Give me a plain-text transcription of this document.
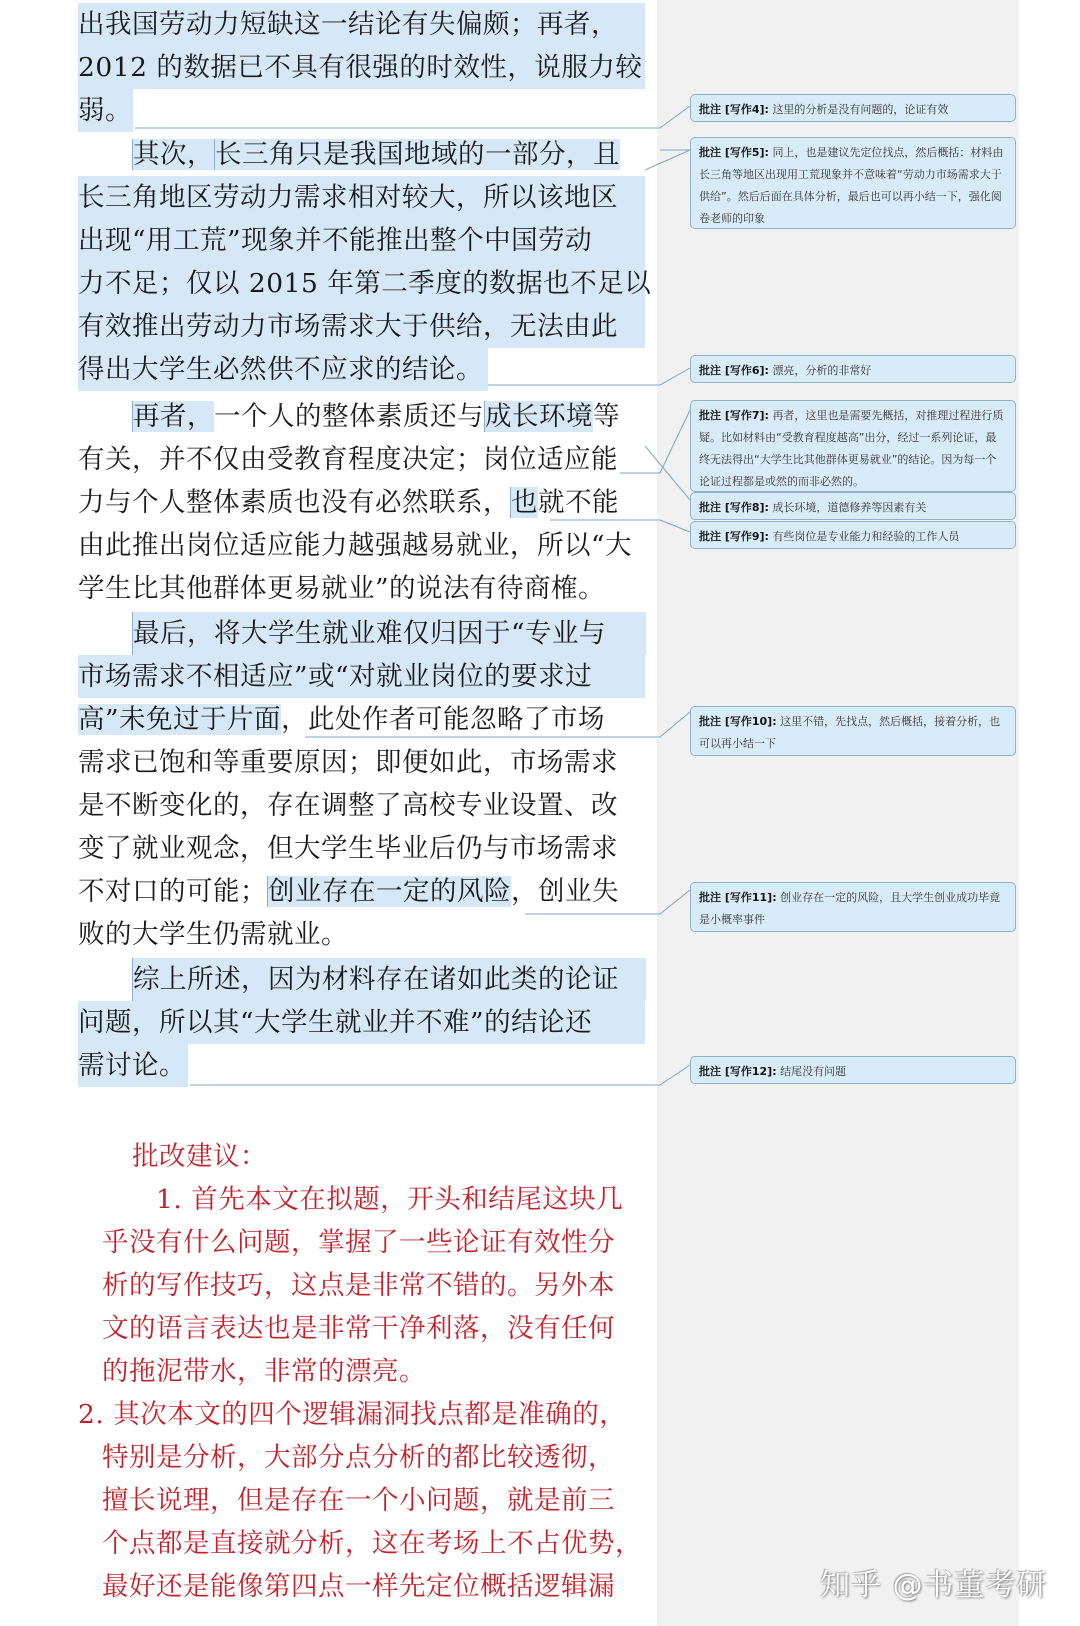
出我国劳动力短缺这一结论有失偏颇；再者，
2012 的数据已不具有很强的时效性，说服力较
弱。
其次，长三角只是我国地域的一部分，且
长三角地区劳动力需求相对较大，所以该地区
出现“用工荒”现象并不能推出整个中国劳动
力不足；仅以 2015 年第二季度的数据也不足以
有效推出劳动力市场需求大于供给，无法由此
得出大学生必然供不应求的结论。
再者，一个人的整体素质还与成长环境等
有关，并不仅由受教育程度决定；岗位适应能
力与个人整体素质也没有必然联系，也就不能
由此推出岗位适应能力越强越易就业，所以“大
学生比其他群体更易就业”的说法有待商榷。
最后，将大学生就业难仅归因于“专业与
市场需求不相适应”或“对就业岗位的要求过
高”未免过于片面，此处作者可能忽略了市场
需求已饱和等重要原因；即便如此，市场需求
是不断变化的，存在调整了高校专业设置、改
变了就业观念，但大学生毕业后仍与市场需求
不对口的可能；创业存在一定的风险，创业失
败的大学生仍需就业。
综上所述，因为材料存在诸如此类的论证
问题，所以其“大学生就业并不难”的结论还
需讨论。
批改建议：
1. 首先本文在拟题，开头和结尾这块几
乎没有什么问题，掌握了一些论证有效性分
析的写作技巧，这点是非常不错的。另外本
文的语言表达也是非常干净利落，没有任何
的拖泥带水，非常的漂亮。
2. 其次本文的四个逻辑漏洞找点都是准确的，
特别是分析，大部分点分析的都比较透彻，
擅长说理，但是存在一个小问题，就是前三
个点都是直接就分析，这在考场上不占优势，
最好还是能像第四点一样先定位概括逻辑漏
批注 [写作4]: 这里的分析是没有问题的，论证有效
批注 [写作5]: 同上，也是建议先定位找点，然后概括：材料由长三角等地区出现用工荒现象并不意味着“劳动力市场需求大于供给”。然后后面在具体分析，最后也可以再小结一下，强化阅卷老师的印象
批注 [写作6]: 漂亮，分析的非常好
批注 [写作7]: 再者，这里也是需要先概括，对推理过程进行质疑。比如材料由“受教育程度越高”出分，经过一系列论证，最终无法得出“大学生比其他群体更易就业”的结论。因为每一个论证过程都是或然的而非必然的。
批注 [写作8]: 成长环境，道德修养等因素有关
批注 [写作9]: 有些岗位是专业能力和经验的工作人员
批注 [写作10]: 这里不错，先找点，然后概括，接着分析，也可以再小结一下
批注 [写作11]: 创业存在一定的风险，且大学生创业成功毕竟是小概率事件
批注 [写作12]: 结尾没有问题
知乎 @书董考研
